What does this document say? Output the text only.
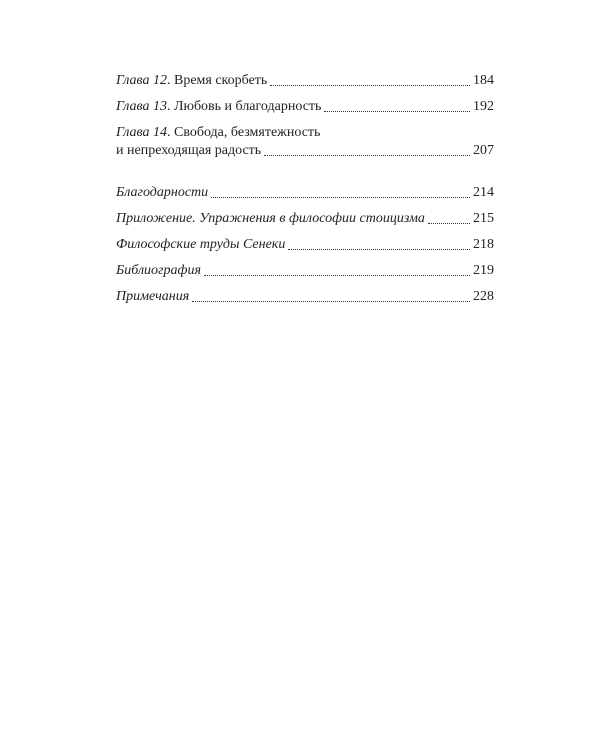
Глава 12. Время скорбеть	184
Глава 13. Любовь и благодарность	192
Глава 14. Свобода, безмятежность
и непреходящая радость	207
Благодарности	214
Приложение. Упражнения в философии стоицизма	215
Философские труды Сенеки	218
Библиография	219
Примечания	228
